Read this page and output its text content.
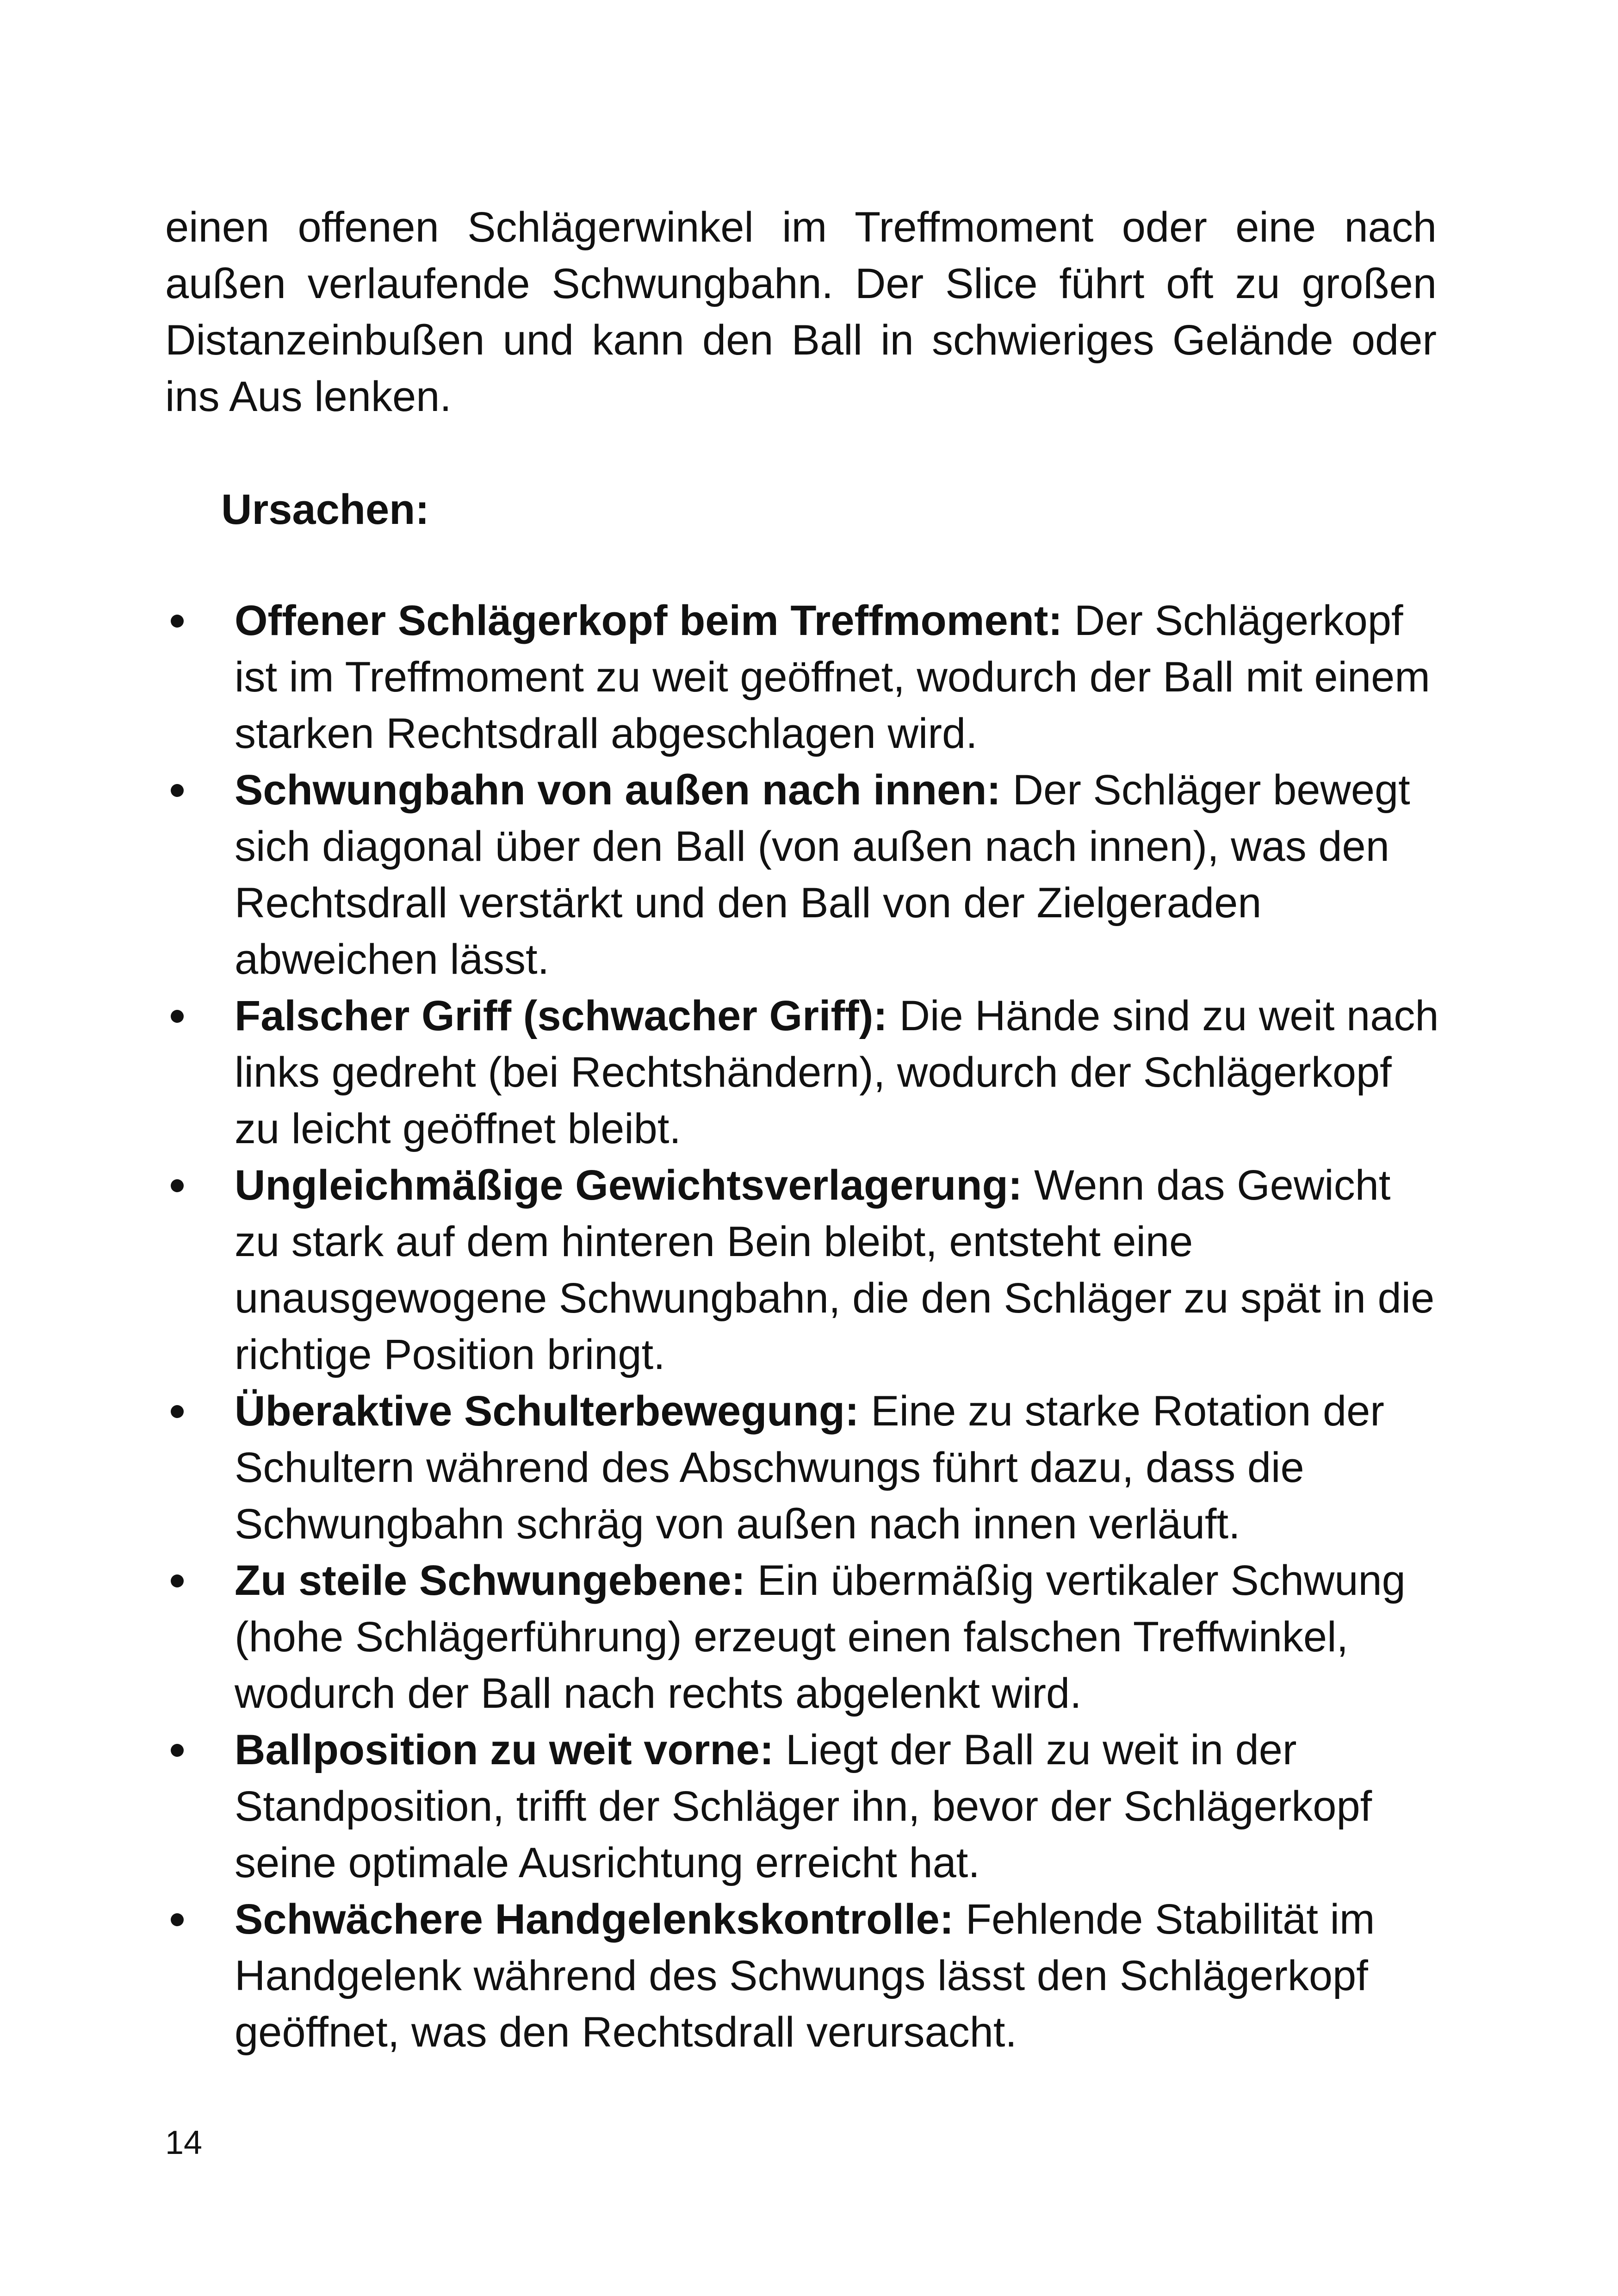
einen offenen Schlägerwinkel im Treffmoment oder eine nach außen verlaufende Schwungbahn. Der Slice führt oft zu großen Distanzeinbußen und kann den Ball in schwieriges Gelände oder ins Aus lenken.

Ursachen:

Offener Schlägerkopf beim Treffmoment: Der Schlägerkopf ist im Treffmoment zu weit geöffnet, wodurch der Ball mit einem starken Rechtsdrall abgeschlagen wird.
Schwungbahn von außen nach innen: Der Schläger bewegt sich diagonal über den Ball (von außen nach innen), was den Rechtsdrall verstärkt und den Ball von der Zielgeraden abweichen lässt.
Falscher Griff (schwacher Griff): Die Hände sind zu weit nach links gedreht (bei Rechtshändern), wodurch der Schlägerkopf zu leicht geöffnet bleibt.
Ungleichmäßige Gewichtsverlagerung: Wenn das Gewicht zu stark auf dem hinteren Bein bleibt, entsteht eine unausgewogene Schwungbahn, die den Schläger zu spät in die richtige Position bringt.
Überaktive Schulterbewegung: Eine zu starke Rotation der Schultern während des Abschwungs führt dazu, dass die Schwungbahn schräg von außen nach innen verläuft.
Zu steile Schwungebene: Ein übermäßig vertikaler Schwung (hohe Schlägerführung) erzeugt einen falschen Treffwinkel, wodurch der Ball nach rechts abgelenkt wird.
Ballposition zu weit vorne: Liegt der Ball zu weit in der Standposition, trifft der Schläger ihn, bevor der Schlägerkopf seine optimale Ausrichtung erreicht hat.
Schwächere Handgelenkskontrolle: Fehlende Stabilität im Handgelenk während des Schwungs lässt den Schlägerkopf geöffnet, was den Rechtsdrall verursacht.

14
